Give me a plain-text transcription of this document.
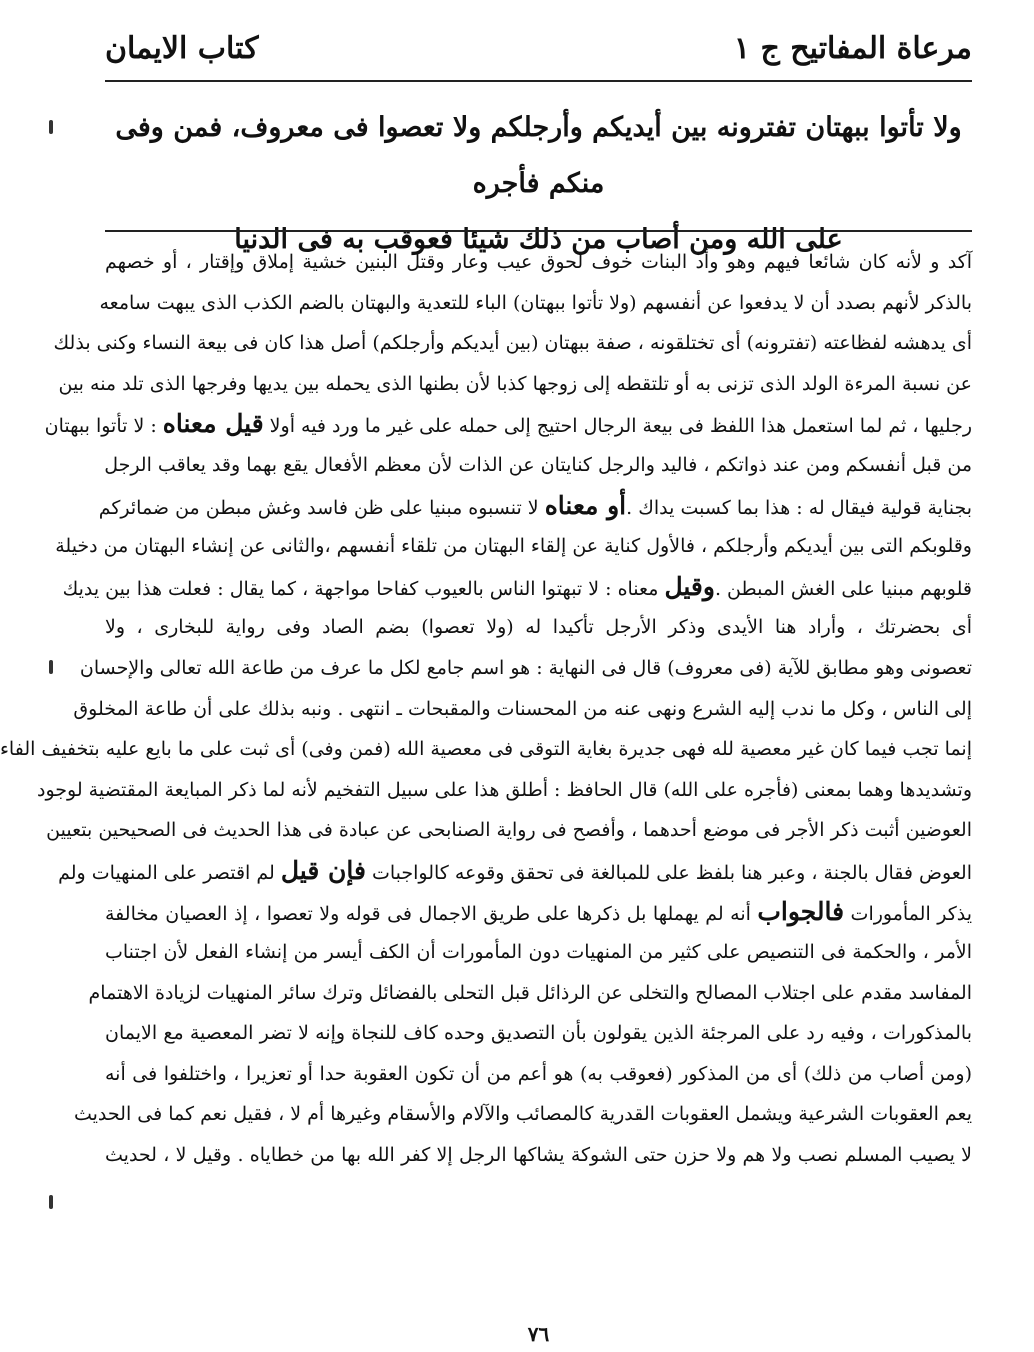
مرعاة المفاتيح ج ١
كتاب الايمان
ولا تأتوا ببهتان تفترونه بين أيديكم وأرجلكم ولا تعصوا فى معروف، فمن وفى منكم فأجره
على الله ومن أصاب من ذلك شيئا فعوقب به فى الدنيا
آكد و لأنه كان شائعا فيهم وهو وأد البنات خوف لحوق عيب وعار وقتل البنين خشية إملاق وإقتار ، أو خصهم
بالذكر لأنهم بصدد أن لا يدفعوا عن أنفسهم (ولا تأتوا ببهتان) الباء للتعدية والبهتان بالضم الكذب الذى يبهت سامعه
أى يدهشه لفظاعته (تفترونه) أى تختلقونه ، صفة ببهتان (بين أيديكم وأرجلكم) أصل هذا كان فى بيعة النساء وكنى بذلك
عن نسبة المرءة الولد الذى تزنى به أو تلتقطه إلى زوجها كذبا لأن بطنها الذى يحمله بين يديها وفرجها الذى تلد منه بين
رجليها ، ثم لما استعمل هذا اللفظ فى بيعة الرجال احتيج إلى حمله على غير ما ورد فيه أولا قيل معناه : لا تأتوا ببهتان
من قبل أنفسكم ومن عند ذواتكم ، فاليد والرجل كنايتان عن الذات لأن معظم الأفعال يقع بهما وقد يعاقب الرجل
بجناية قولية فيقال له : هذا بما كسبت يداك .أو معناه لا تنسبوه مبنيا على ظن فاسد وغش مبطن من ضمائركم
وقلوبكم التى بين أيديكم وأرجلكم ، فالأول كناية عن إلقاء البهتان من تلقاء أنفسهم ،والثانى عن إنشاء البهتان من دخيلة
قلوبهم مبنيا على الغش المبطن .وقيل معناه : لا تبهتوا الناس بالعيوب كفاحا مواجهة ، كما يقال : فعلت هذا بين يديك
أى بحضرتك ، وأراد هنا الأيدى وذكر الأرجل تأكيدا له (ولا تعصوا) بضم الصاد وفى رواية للبخارى ، ولا
تعصونى وهو مطابق للآية (فى معروف) قال فى النهاية : هو اسم جامع لكل ما عرف من طاعة الله تعالى والإحسان
إلى الناس ، وكل ما ندب إليه الشرع ونهى عنه من المحسنات والمقبحات ـ انتهى . ونبه بذلك على أن طاعة المخلوق
إنما تجب فيما كان غير معصية لله فهى جديرة بغاية التوقى فى معصية الله (فمن وفى) أى ثبت على ما بايع عليه بتخفيف الفاء
وتشديدها وهما بمعنى (فأجره على الله) قال الحافظ : أطلق هذا على سبيل التفخيم لأنه لما ذكر المبايعة المقتضية لوجود
العوضين أثبت ذكر الأجر فى موضع أحدهما ، وأفصح فى رواية الصنابحى عن عبادة فى هذا الحديث فى الصحيحين بتعيين
العوض فقال بالجنة ، وعبر هنا بلفظ على للمبالغة فى تحقق وقوعه كالواجبات فإن قيل لم اقتصر على المنهيات ولم
يذكر المأمورات فالجواب أنه لم يهملها بل ذكرها على طريق الاجمال فى قوله ولا تعصوا ، إذ العصيان مخالفة
الأمر ، والحكمة فى التنصيص على كثير من المنهيات دون المأمورات أن الكف أيسر من إنشاء الفعل لأن اجتناب
المفاسد مقدم على اجتلاب المصالح والتخلى عن الرذائل قبل التحلى بالفضائل وترك سائر المنهيات لزيادة الاهتمام
بالمذكورات ، وفيه رد على المرجئة الذين يقولون بأن التصديق وحده كاف للنجاة وإنه لا تضر المعصية مع الايمان
(ومن أصاب من ذلك) أى من المذكور (فعوقب به) هو أعم من أن تكون العقوبة حدا أو تعزيرا ، واختلفوا فى أنه
يعم العقوبات الشرعية ويشمل العقوبات القدرية كالمصائب والآلام والأسقام وغيرها أم لا ، فقيل نعم كما فى الحديث
لا يصيب المسلم نصب ولا هم ولا حزن حتى الشوكة يشاكها الرجل إلا كفر الله بها من خطاياه . وقيل لا ، لحديث
٧٦
